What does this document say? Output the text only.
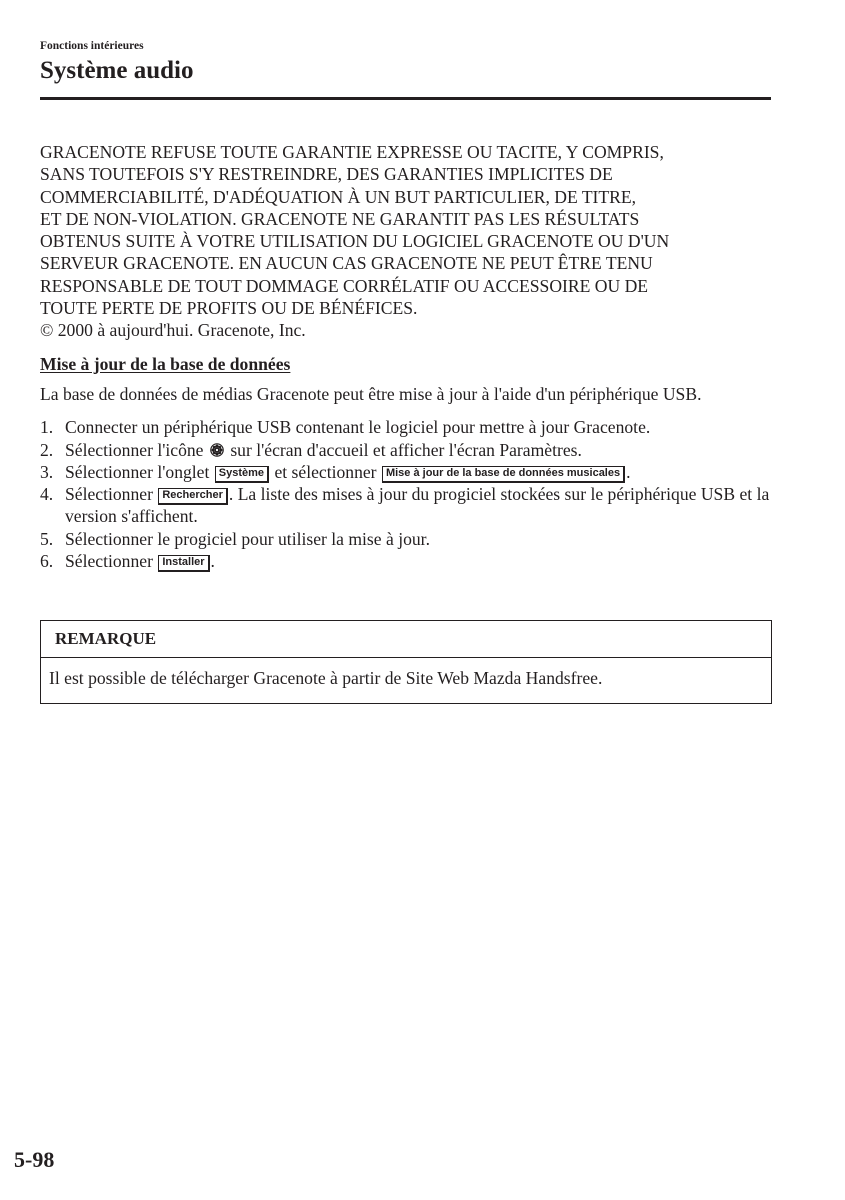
Fonctions intérieures
Système audio

GRACENOTE REFUSE TOUTE GARANTIE EXPRESSE OU TACITE, Y COMPRIS,

SANS TOUTEFOIS S'Y RESTREINDRE, DES GARANTIES IMPLICITES DE

COMMERCIABILITÉ, D'ADÉQUATION À UN BUT PARTICULIER, DE TITRE,

ET DE NON-VIOLATION. GRACENOTE NE GARANTIT PAS LES RÉSULTATS

OBTENUS SUITE À VOTRE UTILISATION DU LOGICIEL GRACENOTE OU D'UN

SERVEUR GRACENOTE. EN AUCUN CAS GRACENOTE NE PEUT ÊTRE TENU

RESPONSABLE DE TOUT DOMMAGE CORRÉLATIF OU ACCESSOIRE OU DE

TOUTE PERTE DE PROFITS OU DE BÉNÉFICES.

© 2000 à aujourd'hui. Gracenote, Inc.

Mise à jour de la base de données

La base de données de médias Gracenote peut être mise à jour à l'aide d'un périphérique USB.

1. Connecter un périphérique USB contenant le logiciel pour mettre à jour Gracenote.
2. Sélectionner l'icône sur l'écran d'accueil et afficher l'écran Paramètres.
3. Sélectionner l'onglet Système et sélectionner Mise à jour de la base de données musicales .
4. Sélectionner Rechercher . La liste des mises à jour du progiciel stockées sur le périphérique USB et la version s'affichent.
5. Sélectionner le progiciel pour utiliser la mise à jour.
6. Sélectionner Installer .
REMARQUE
Il est possible de télécharger Gracenote à partir de Site Web Mazda Handsfree.
5-98
